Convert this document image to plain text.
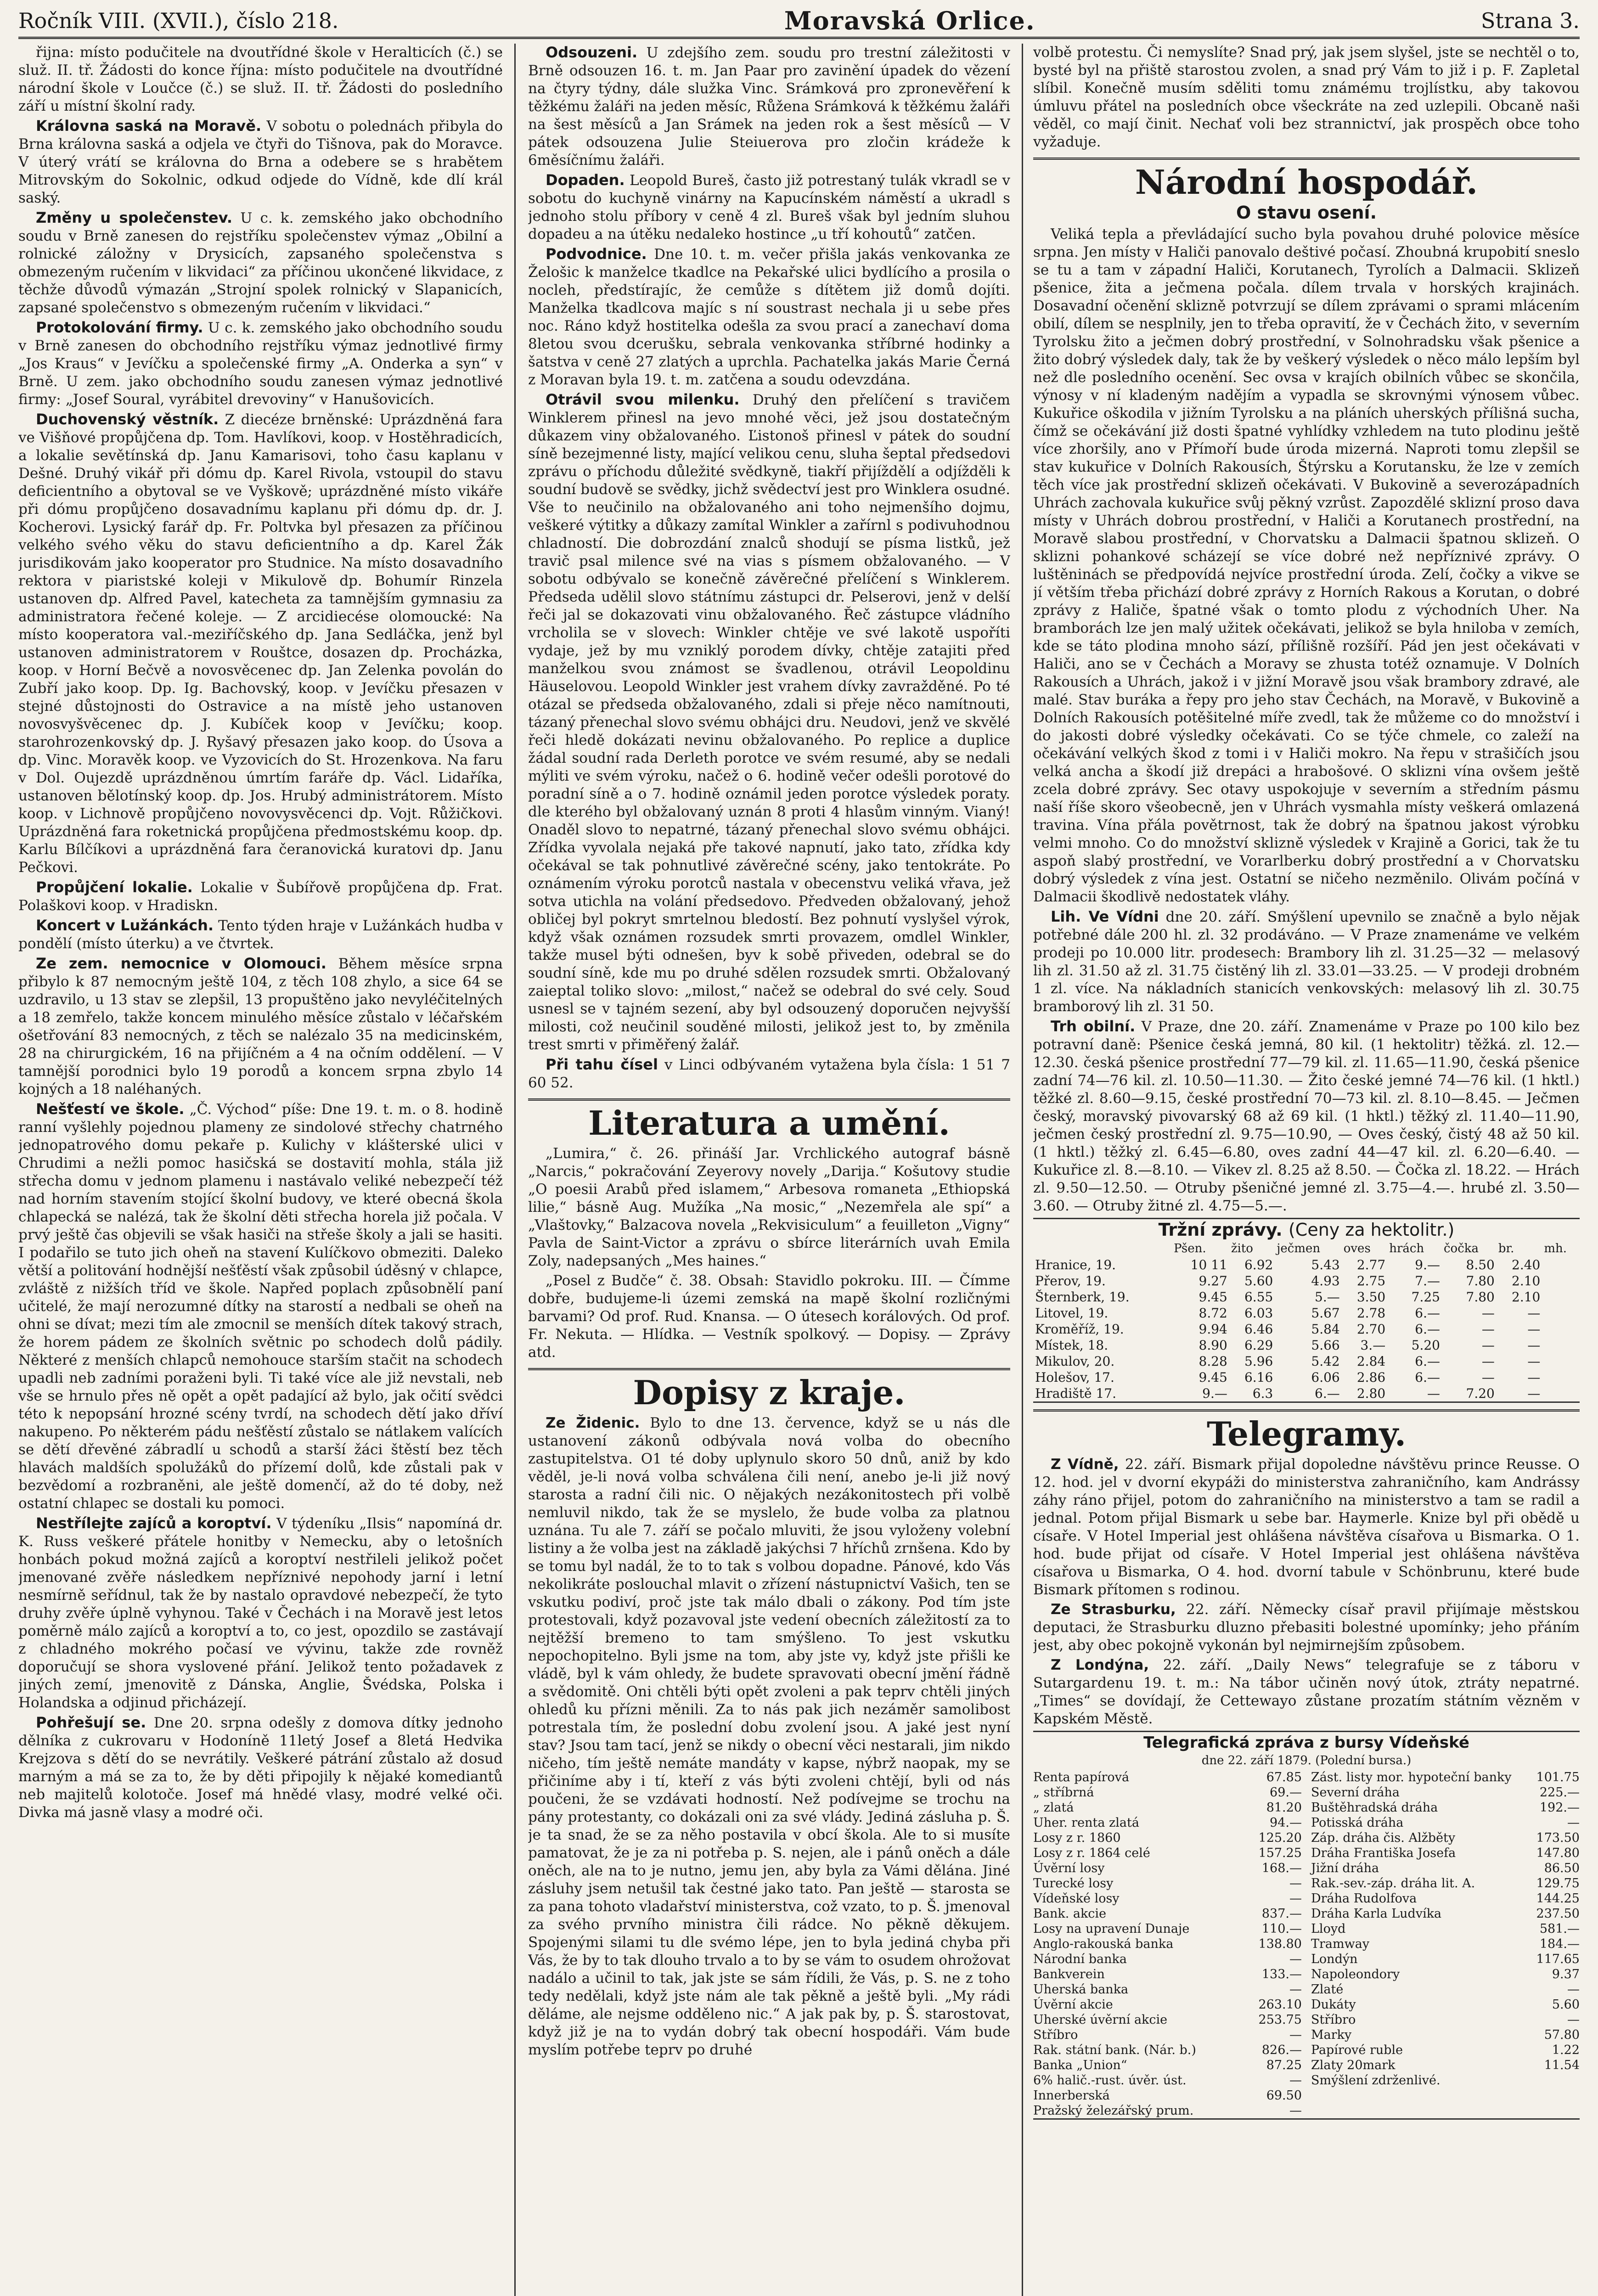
Ročník VIII. (XVII.), číslo 218.	Moravská Orlice.	Strana 3.

řijna: místo podučitele na dvoutřídné škole v Heralticích (č.) se služ. II. tř. Žádosti do konce října: místo podučitele na dvoutřídné národní škole v Loučce (č.) se služ. II. tř. Žádosti do posledního září u místní školní rady.

Královna saská na Moravě. V sobotu o polednách přibyla do Brna královna saská a odjela ve čtyři do Tišnova, pak do Moravce. V úterý vrátí se královna do Brna a odebere se s hrabětem Mitrovským do Sokolnic, odkud odjede do Vídně, kde dlí král saský.

Změny u společenstev. U c. k. zemského jako obchodního soudu v Brně zanesen do rejstříku společenstev výmaz „Obilní a rolnické záložny v Drysicích, zapsaného společenstva s obmezeným ručením v likvidaci“ za příčinou ukončené likvidace, z těchže důvodů výmazán „Strojní spolek rolnický v Slapanicích, zapsané společenstvo s obmezeným ručením v likvidaci.“

Protokolování firmy. U c. k. zemského jako obchodního soudu v Brně zanesen do obchodního rejstříku výmaz jednotlivé firmy „Jos Kraus“ v Jevíčku a společenské firmy „A. Onderka a syn“ v Brně. U zem. jako obchodního soudu zanesen výmaz jednotlivé firmy: „Josef Soural, vyrábitel drevoviny“ v Hanušovicích.

Duchovenský věstník. Z diecéze brněnské: Uprázdněná fara ve Višňové propůjčena dp. Tom. Havlíkovi, koop. v Hostěhradicích, a lokalie sevětínská dp. Janu Kamarisovi, toho času kaplanu v Dešné. Druhý vikář při dómu dp. Karel Rivola, vstoupil do stavu deficientního a obytoval se ve Vyškově; uprázdněné místo vikáře při dómu propůjčeno dosavadnímu kaplanu při dómu dp. dr. J. Kocherovi. Lysický farář dp. Fr. Poltvka byl přesazen za příčinou velkého svého věku do stavu deficientního a dp. Karel Žák jurisdikovám jako kooperator pro Studnice. Na místo dosavadního rektora v piaristské koleji v Mikulově dp. Bohumír Rinzela ustanoven dp. Alfred Pavel, katecheta za tamnějším gymnasiu za administratora řečené koleje. — Z arcidiecése olomoucké: Na místo kooperatora val.-meziříčského dp. Jana Sedláčka, jenž byl ustanoven administratorem v Rouštce, dosazen dp. Procházka, koop. v Horní Bečvě a novosvěcenec dp. Jan Zelenka povolán do Zubří jako koop. Dp. Ig. Bachovský, koop. v Jevíčku přesazen v stejné důstojnosti do Ostravice a na místě jeho ustanoven novosvyšvěcenec dp. J. Kubíček koop v Jevíčku; koop. starohrozenkovský dp. J. Ryšavý přesazen jako koop. do Úsova a dp. Vinc. Moravěk koop. ve Vyzovicích do St. Hrozenkova. Na faru v Dol. Oujezdě uprázdněnou úmrtím faráře dp. Václ. Lidaříka, ustanoven bělotínský koop. dp. Jos. Hrubý administrátorem. Místo koop. v Lichnově propůjčeno novovysvěcenci dp. Vojt. Růžičkovi. Uprázdněná fara roketnická propůjčena předmostskému koop. dp. Karlu Bílčíkovi a uprázdněná fara čeranovická kuratovi dp. Janu Pečkovi.

Propůjčení lokalie. Lokalie v Šubířově propůjčena dp. Frat. Polaškovi koop. v Hradiskn.

Koncert v Lužánkách. Tento týden hraje v Lužánkách hudba v pondělí (místo úterku) a ve čtvrtek.

Ze zem. nemocnice v Olomouci. Během měsíce srpna přibylo k 87 nemocným ještě 104, z těch 108 zhylo, a sice 64 se uzdravilo, u 13 stav se zlepšil, 13 propuštěno jako nevyléčitelných a 18 zemřelo, takže koncem minulého měsíce zůstalo v léčařském ošetřování 83 nemocných, z těch se nalézalo 35 na medicinském, 28 na chirurgickém, 16 na přijíčném a 4 na očním oddělení. — V tamnější porodnici bylo 19 porodů a koncem srpna zbylo 14 kojných a 18 naléhaných.

Nešťestí ve škole. „Č. Východ“ píše: Dne 19. t. m. o 8. hodině ranní vyšlehly pojednou plameny ze sindolové střechy chatrného jednopatrového domu pekaře p. Kulichy v klášterské ulici v Chrudimi a nežli pomoc hasičská se dostavití mohla, stála již střecha domu v jednom plamenu i nastávalo veliké nebezpečí též nad horním stavením stojící školní budovy, ve které obecná škola chlapecká se nalézá, tak že školní děti střecha horela již počala. V prvý ještě čas objevili se však hasiči na střeše školy a jali se hasiti. I podařilo se tuto jich oheň na stavení Kulíčkovo obmeziti. Daleko větší a politování hodnější nešťěstí však způsobil úděsný v chlapce, zvláště z nižších tříd ve škole. Napřed poplach způsobnělí paní učitelé, že mají nerozumné dítky na starostí a nedbali se oheň na ohni se dívat; mezi tím ale zmocnil se menších dítek takový strach, že horem pádem ze školních světnic po schodech dolů pádily. Některé z menších chlapců nemohouce starším stačit na schodech upadli neb zadními poraženi byli. Ti také více ale již nevstali, neb vše se hrnulo přes ně opět a opět padající až bylo, jak očití svědci této k nepopsání hrozné scény tvrdí, na schodech dětí jako dříví nakupeno. Po některém pádu nešťěstí zůstalo se nátlakem valících se dětí dřevěné zábradlí u schodů a starší žáci štěstí bez těch hlavách maldších spolužáků do přízemí dolů, kde zůstali pak v bezvědomí a rozbraněni, ale ještě domenčí, až do té doby, než ostatní chlapec se dostali ku pomoci.

Nestřílejte zajíců a koroptví. V týdeníku „Ilsis“ napomíná dr. K. Russ veškeré přátele honitby v Nemecku, aby o letošních honbách pokud možná zajíců a koroptví nestřileli jelikož počet jmenované zvěře následkem nepříznivé nepohody jarní i letní nesmírně seřídnul, tak že by nastalo opravdové nebezpečí, že tyto druhy zvěře úplně vyhynou. Také v Čechách i na Moravě jest letos poměrně málo zajíců a koroptví a to, co jest, opozdilo se zastávají z chladného mokrého počasí ve vývinu, takže zde rovněž doporučují se shora vyslovené přání. Jelikož tento požadavek z jiných zemí, jmenovitě z Dánska, Anglie, Švédska, Polska i Holandska a odjinud přicházejí.

Pohřešují se. Dne 20. srpna odešly z domova dítky jednoho dělníka z cukrovaru v Hodoníně 11letý Josef a 8letá Hedvika Krejzova s dětí do se nevrátily. Veškeré pátrání zůstalo až dosud marným a má se za to, že by děti připojily k nějaké komediantů neb majitelů kolotoče. Josef má hnědé vlasy, modré velké oči. Divka má jasně vlasy a modré oči.

Odsouzeni. U zdejšího zem. soudu pro trestní záležitosti v Brně odsouzen 16. t. m. Jan Paar pro zavinění úpadek do vězení na čtyry týdny, dále služka Vinc. Srámková pro zpronevěření k těžkému žaláři na jeden měsíc, Růžena Srámková k těžkému žaláři na šest měsíců a Jan Srámek na jeden rok a šest měsíců — V pátek odsouzena Julie Steiuerova pro zločin krádeže k 6měsíčnímu žaláři.

Dopaden. Leopold Bureš, často již potrestaný tulák vkradl se v sobotu do kuchyně vinárny na Kapucínském náměstí a ukradl s jednoho stolu příbory v ceně 4 zl. Bureš však byl jedním sluhou dopadeu a na útěku nedaleko hostince „u tří kohoutů“ zatčen.

Podvodnice. Dne 10. t. m. večer přišla jakás venkovanka ze Želošic k manželce tkadlce na Pekařské ulici bydlícího a prosila o nocleh, předstírajíc, že cemůže s dítětem již domů dojíti. Manželka tkadlcova majíc s ní soustrast nechala ji u sebe přes noc. Ráno když hostitelka odešla za svou prací a zanechaví doma 8letou svou dcerušku, sebrala venkovanka stříbrné hodinky a šatstva v ceně 27 zlatých a uprchla. Pachatelka jakás Marie Černá z Moravan byla 19. t. m. zatčena a soudu odevzdána.

Otrávil svou milenku. Druhý den přelíčení s travičem Winklerem přinesl na jevo mnohé věci, jež jsou dostatečným důkazem viny obžalovaného. Ľistonoš přinesl v pátek do soudní síně bezejmenné listy, mající velikou cenu, sluha šeptal předsedovi zprávu o příchodu důležité svědkyně, tiakří přijíždělí a odjížděli k soudní budově se svědky, jichž svědectví jest pro Winklera osudné. Vše to neučinilo na obžalovaného ani toho nejmenšího dojmu, veškeré výtitky a důkazy zamítal Winkler a zařírnl s podivuhodnou chladností. Die dobrozdání znalců shodují se písma listků, jež travič psal milence své na vias s písmem obžalovaného. — V sobotu odbývalo se konečně závěrečné přelíčení s Winklerem. Předseda udělil slovo státnímu zástupci dr. Pelserovi, jenž v delší řeči jal se dokazovati vinu obžalovaného. Řeč zástupce vládního vrcholila se v slovech: Winkler chtěje ve své lakotě uspoříti vydaje, jež by mu vzniklý porodem dívky, chtěje zatajiti před manželkou svou známost se švadlenou, otrávil Leopoldinu Häuselovou. Leopold Winkler jest vrahem dívky zavražděné. Po té otázal se předseda obžalovaného, zdali si přeje něco namítnouti, tázaný přenechal slovo svému obhájci dru. Neudovi, jenž ve skvělé řeči hledě dokázati nevinu obžalovaného. Po replice a duplice žádal soudní rada Derleth porotce ve svém resumé, aby se nedali mýliti ve svém výroku, načež o 6. hodině večer odešli porotové do poradní síně a o 7. hodině oznámil jeden porotce výsledek poraty. dle kterého byl obžalovaný uznán 8 proti 4 hlasům vinným. Vianý! Onaděl slovo to nepatrné, tázaný přenechal slovo svému obhájci. Zřídka vyvolala nejaká pře takové napnutí, jako tato, zřídka kdy očekával se tak pohnutlivé závěrečné scény, jako tentokráte. Po oznámením výroku porotců nastala v obecenstvu veliká vřava, jež sotva utichla na volání předsedovo. Předveden obžalovaný, jehož obličej byl pokryt smrtelnou bledostí. Bez pohnutí vyslyšel výrok, když však oznámen rozsudek smrti provazem, omdlel Winkler, takže musel býti odnešen, byv k sobě přiveden, odebral se do soudní síně, kde mu po druhé sdělen rozsudek smrti. Obžalovaný zaieptal toliko slovo: „milost,“ načež se odebral do své cely. Soud usnesl se v tajném sezení, aby byl odsouzený doporučen nejvyšší milosti, což neučinil souděné milosti, jelikož jest to, by změnila trest smrti v přiměřený žalář.

Při tahu čísel v Linci odbývaném vytažena byla čísla: 1 51 7 60 52.

Literatura a umění.

„Lumira,“ č. 26. přináší Jar. Vrchlického autograf básně „Narcis,“ pokračování Zeyerovy novely „Darija.“ Košutovy studie „O poesii Arabů před islamem,“ Arbesova romaneta „Ethiopská lilie,“ básně Aug. Mužíka „Na mosic,“ „Nezemřela ale spí“ a „Vlaštovky,“ Balzacova novela „Rekvisiculum“ a feuilleton „Vigny“ Pavla de Saint-Victor a zprávu o sbírce literárních uvah Emila Zoly, nadepsaných „Mes haines.“

„Posel z Budče“ č. 38. Obsah: Stavidlo pokroku. III. — Čímme dobře, budujeme-li územi zemská na mapě školní rozličnými barvami? Od prof. Rud. Knansa. — O útesech korálových. Od prof. Fr. Nekuta. — Hlídka. — Vestník spolkový. — Dopisy. — Zprávy atd.

Dopisy z kraje.

Ze Židenic. Bylo to dne 13. července, když se u nás dle ustanovení zákonů odbývala nová volba do obecního zastupitelstva. O1 té doby uplynulo skoro 50 dnů, aniž by kdo věděl, je-li nová volba schválena čili není, anebo je-li již nový starosta a radní čili nic. O nějakých nezákonitostech při volbě nemluvil nikdo, tak že se myslelo, že bude volba za platnou uznána. Tu ale 7. září se počalo mluviti, že jsou vyloženy volební listiny a že volba jest na základě jakýchsi 7 hříchů zrnšena. Kdo by se tomu byl nadál, že to to tak s volbou dopadne. Pánové, kdo Vás nekolikráte poslouchal mlavit o zřízení nástupnictví Vašich, ten se vskutku podiví, proč jste tak málo dbali o zákony. Pod tím jste protestovali, když pozavoval jste vedení obecních záležitostí za to nejtěžší bremeno to tam smýšleno. To jest vskutku nepochopitelno. Byli jsme na tom, aby jste vy, když jste přišli ke vládě, byl k vám ohledy, že budete spravovati obecní jmění řádně a svědomitě. Oni chtěli býti opět zvoleni a pak teprv chtěli jiných ohledů ku přízni měnili. Za to nás pak jich nezáměr samolibost potrestala tím, že poslední dobu zvolení jsou. A jaké jest nyní stav? Jsou tam tací, jenž se nikdy o obecní věci nestarali, jim nikdo ničeho, tím ještě nemáte mandáty v kapse, nýbrž naopak, my se přičiníme aby i tí, kteří z vás býti zvoleni chtějí, byli od nás poučeni, že se vzdávati hodností. Než podívejme se trochu na pány protestanty, co dokázali oni za své vlády. Jediná zásluha p. Š. je ta snad, že se za něho postavila v obcí škola. Ale to si musíte pamatovat, že je za ni potřeba p. S. nejen, ale i pánů oněch a dále oněch, ale na to je nutno, jemu jen, aby byla za Vámi dělána. Jiné zásluhy jsem netušil tak čestné jako tato. Pan ještě — starosta se za pana tohoto vladařství ministerstva, což vzato, to p. Š. jmenoval za svého prvního ministra čili rádce. No pěkně děkujem. Spojenými silami tu dle svémo lépe, jen to byla jediná chyba při Vás, že by to tak dlouho trvalo a to by se vám to osudem ohrožovat nadálo a učinil to tak, jak jste se sám řídili, že Vás, p. S. ne z toho tedy nedělali, když jste nám ale tak pěkně a ještě byli. „My rádi děláme, ale nejsme odděleno nic.“ A jak pak by, p. Š. starostovat, když již je na to vydán dobrý tak obecní hospodáři. Vám bude myslím potřebe teprv po druhé

volbě protestu. Či nemyslíte? Snad prý, jak jsem slyšel, jste se nechtěl o to, bysté byl na přiště starostou zvolen, a snad prý Vám to již i p. F. Zapletal slíbil. Konečně musím sděliti tomu známému trojlístku, aby takovou úmluvu přátel na posledních obce všeckráte na zed uzlepili. Obcaně naši věděl, co mají činit. Nechať voli bez strannictví, jak prospěch obce toho vyžaduje.

Národní hospodář.
O stavu osení.

Veliká tepla a převládající sucho byla povahou druhé polovice měsíce srpna. Jen místy v Haliči panovalo deštivé počasí. Zhoubná krupobití sneslo se tu a tam v západní Haliči, Korutanech, Tyrolích a Dalmacii. Sklizeň pšenice, žita a ječmena počala. dílem trvala v horských krajinách. Dosavadní očenění sklizně potvrzují se dílem zprávami o sprami mlácením obilí, dílem se nesplnily, jen to třeba opravití, že v Čechách žito, v severním Tyrolsku žito a ječmen dobrý prostřední, v Solnohradsku však pšenice a žito dobrý výsledek daly, tak že by veškerý výsledek o něco málo lepším byl než dle posledního ocenění. Sec ovsa v krajích obilních vůbec se skončila, výnosy v ní kladeným nadějím a vypadla se skrovnými výnosem vůbec. Kukuřice oškodila v jižním Tyrolsku a na pláních uherských přílišná sucha, čímž se očekávání již dosti špatné vyhlídky vzhledem na tuto plodinu ještě více zhoršily, ano v Přímoří bude úroda mizerná. Naproti tomu zlepšil se stav kukuřice v Dolních Rakousích, Štýrsku a Korutansku, že lze v zemích těch více jak prostřední sklizeň očekávati. V Bukovině a severozápadních Uhrách zachovala kukuřice svůj pěkný vzrůst. Zapozdělé sklizní proso dava místy v Uhrách dobrou prostřední, v Haliči a Korutanech prostřední, na Moravě slabou prostřední, v Chorvatsku a Dalmacii špatnou sklizeň. O sklizni pohankové scházejí se více dobré než nepříznivé zprávy. O luštěninách se předpovídá nejvíce prostřední úroda. Zelí, čočky a vikve se jí větším třeba přichází dobré zprávy z Horních Rakous a Korutan, o dobré zprávy z Haliče, špatné však o tomto plodu z východních Uher. Na bramborách lze jen malý užitek očekávati, jelikož se byla hniloba v zemích, kde se táto plodina mnoho sází, přílišně rozšíří. Pád jen jest očekávati v Haliči, ano se v Čechách a Moravy se zhusta totéž oznamuje. V Dolních Rakousích a Uhrách, jakož i v jižní Moravě jsou však brambory zdravé, ale malé. Stav buráka a řepy pro jeho stav Čechách, na Moravě, v Bukovině a Dolních Rakousích potěšitelné míře zvedl, tak že můžeme co do množství i do jakosti dobré výsledky očekávati. Co se týče chmele, co zaleží na očekávání velkých škod z tomi i v Haliči mokro. Na řepu v strašičích jsou velká ancha a škodí již drepáci a hrabošové. O sklizni vína ovšem ještě zcela dobré zprávy. Sec otavy uspokojuje v severním a středním pásmu naší říše skoro všeobecně, jen v Uhrách vysmahla místy veškerá omlazená travina. Vína přála povětrnost, tak že dobrý na špatnou jakost výrobku velmi mnoho. Co do množství sklizně výsledek v Krajině a Gorici, tak že tu aspoň slabý prostřední, ve Vorarlberku dobrý prostřední a v Chorvatsku dobrý výsledek z vína jest. Ostatní se ničeho nezměnilo. Olivám počíná v Dalmacii škodlivě nedostatek vláhy.

Lih. Ve Vídni dne 20. září. Smýšlení upevnilo se značně a bylo nějak potřebné dále 200 hl. zl. 32 prodáváno. — V Praze znamenáme ve velkém prodeji po 10.000 litr. prodesech: Brambory lih zl. 31.25—32 — melasový lih zl. 31.50 až zl. 31.75 čistěný lih zl. 33.01—33.25. — V prodeji drobném 1 zl. více. Na nákladních stanicích venkovských: melasový lih zl. 30.75 bramborový lih zl. 31 50.

Trh obilní. V Praze, dne 20. září. Znamenáme v Praze po 100 kilo bez potravní daně: Pšenice česká jemná, 80 kil. (1 hektolitr) těžká. zl. 12.—12.30. česká pšenice prostřední 77—79 kil. zl. 11.65—11.90, česká pšenice zadní 74—76 kil. zl. 10.50—11.30. — Žito české jemné 74—76 kil. (1 hktl.) těžké zl. 8.60—9.15, české prostřední 70—73 kil. zl. 8.10—8.45. — Ječmen český, moravský pivovarský 68 až 69 kil. (1 hktl.) těžký zl. 11.40—11.90, ječmen český prostřední zl. 9.75—10.90, — Oves český, čistý 48 až 50 kil. (1 hktl.) těžký zl. 6.45—6.80, oves zadní 44—47 kil. zl. 6.20—6.40. — Kukuřice zl. 8.—8.10. — Vikev zl. 8.25 až 8.50. — Čočka zl. 18.22. — Hrách zl. 9.50—12.50. — Otruby pšeničné jemné zl. 3.75—4.—. hrubé zl. 3.50—3.60. — Otruby žitné zl. 4.75—5.—.

Tržní zprávy. (Ceny za hektolitr.)
	Pšen.	žito	ječmen	oves	hrách	čočka	br.	mh.
Hranice, 19.	10 11	6.92	5.43	2.77	9.—	8.50	2.40	
Přerov, 19.	9.27	5.60	4.93	2.75	7.—	7.80	2.10	
Šternberk, 19.	9.45	6.55	5.—	3.50	7.25	7.80	2.10	
Litovel, 19.	8.72	6.03	5.67	2.78	6.—	—	—	
Kroměříž, 19.	9.94	6.46	5.84	2.70	6.—	—	—	
Místek, 18.	8.90	6.29	5.66	3.—	5.20	—	—	
Mikulov, 20.	8.28	5.96	5.42	2.84	6.—	—	—	
Holešov, 17.	9.45	6.16	6.06	2.86	6.—	—	—	
Hradiště 17.	9.—	6.3	6.—	2.80	—	7.20	—	
Telegramy.

Z Vídně, 22. září. Bismark přijal dopoledne návštěvu prince Reusse. O 12. hod. jel v dvorní ekypáži do ministerstva zahraničního, kam Andrássy záhy ráno přijel, potom do zahraničního na ministerstvo a tam se radil a jednal. Potom přijal Bismark u sebe bar. Haymerle. Knize byl při obědě u císaře. V Hotel Imperial jest ohlášena návštěva císařova u Bismarka. O 1. hod. bude přijat od císaře. V Hotel Imperial jest ohlášena návštěva císařova u Bismarka, O 4. hod. dvorní tabule v Schönbrunu, které bude Bismark přítomen s rodinou.

Ze Strasburku, 22. září. Německy císař pravil přijímaje městskou deputaci, že Strasburku dluzno přebasiti bolestné upomínky; jeho přáním jest, aby obec pokojně vykonán byl nejmirnejším způsobem.

Z Londýna, 22. září. „Daily News“ telegrafuje se z táboru v Sutargardenu 19. t. m.: Na tábor učiněn nový útok, ztráty nepatrné. „Times“ se dovídají, že Cettewayo zůstane prozatím státním vězněm v Kapském Městě.

Telegrafická zpráva z bursy Vídeňské
dne 22. září 1879. (Polední bursa.)
Renta papírová	67.85
„ stříbrná	69.—
„ zlatá	81.20
Uher. renta zlatá	94.—
Losy z r. 1860	125.20
Losy z r. 1864 celé	157.25
Úvěrní losy	168.—
Turecké losy	—
Vídeňské losy	—
Bank. akcie	837.—
Losy na upravení Dunaje	110.—
Anglo-rakouská banka	138.80
Národní banka	—
Bankverein	133.—
Uherská banka	—
Úvěrní akcie	263.10
Uherské úvěrní akcie	253.75
Stříbro	—
Rak. státní bank. (Nár. b.)	826.—
Banka „Union“	87.25
6% halič.-rust. úvěr. úst.	—
Innerberská	69.50
Pražský železářský prum.	—
Zást. listy mor. hypoteční banky 101.75
Severní dráha	225.—
Buštěhradská dráha	192.—
Potisská dráha	—
Záp. dráha čis. Alžběty	173.50
Dráha Františka Josefa	147.80
Jižní dráha	86.50
Rak.-sev.-záp. dráha lit. A.	129.75
Dráha Rudolfova	144.25
Dráha Karla Ludvíka	237.50
Lloyd	581.—
Tramway	184.—
Londýn	117.65
Napoleondory	9.37
Zlaté	—
Dukáty	5.60
Stříbro	—
Marky	57.80
Papírové ruble	1.22
Zlaty 20mark	11.54
Smýšlení zdrženlivé.
